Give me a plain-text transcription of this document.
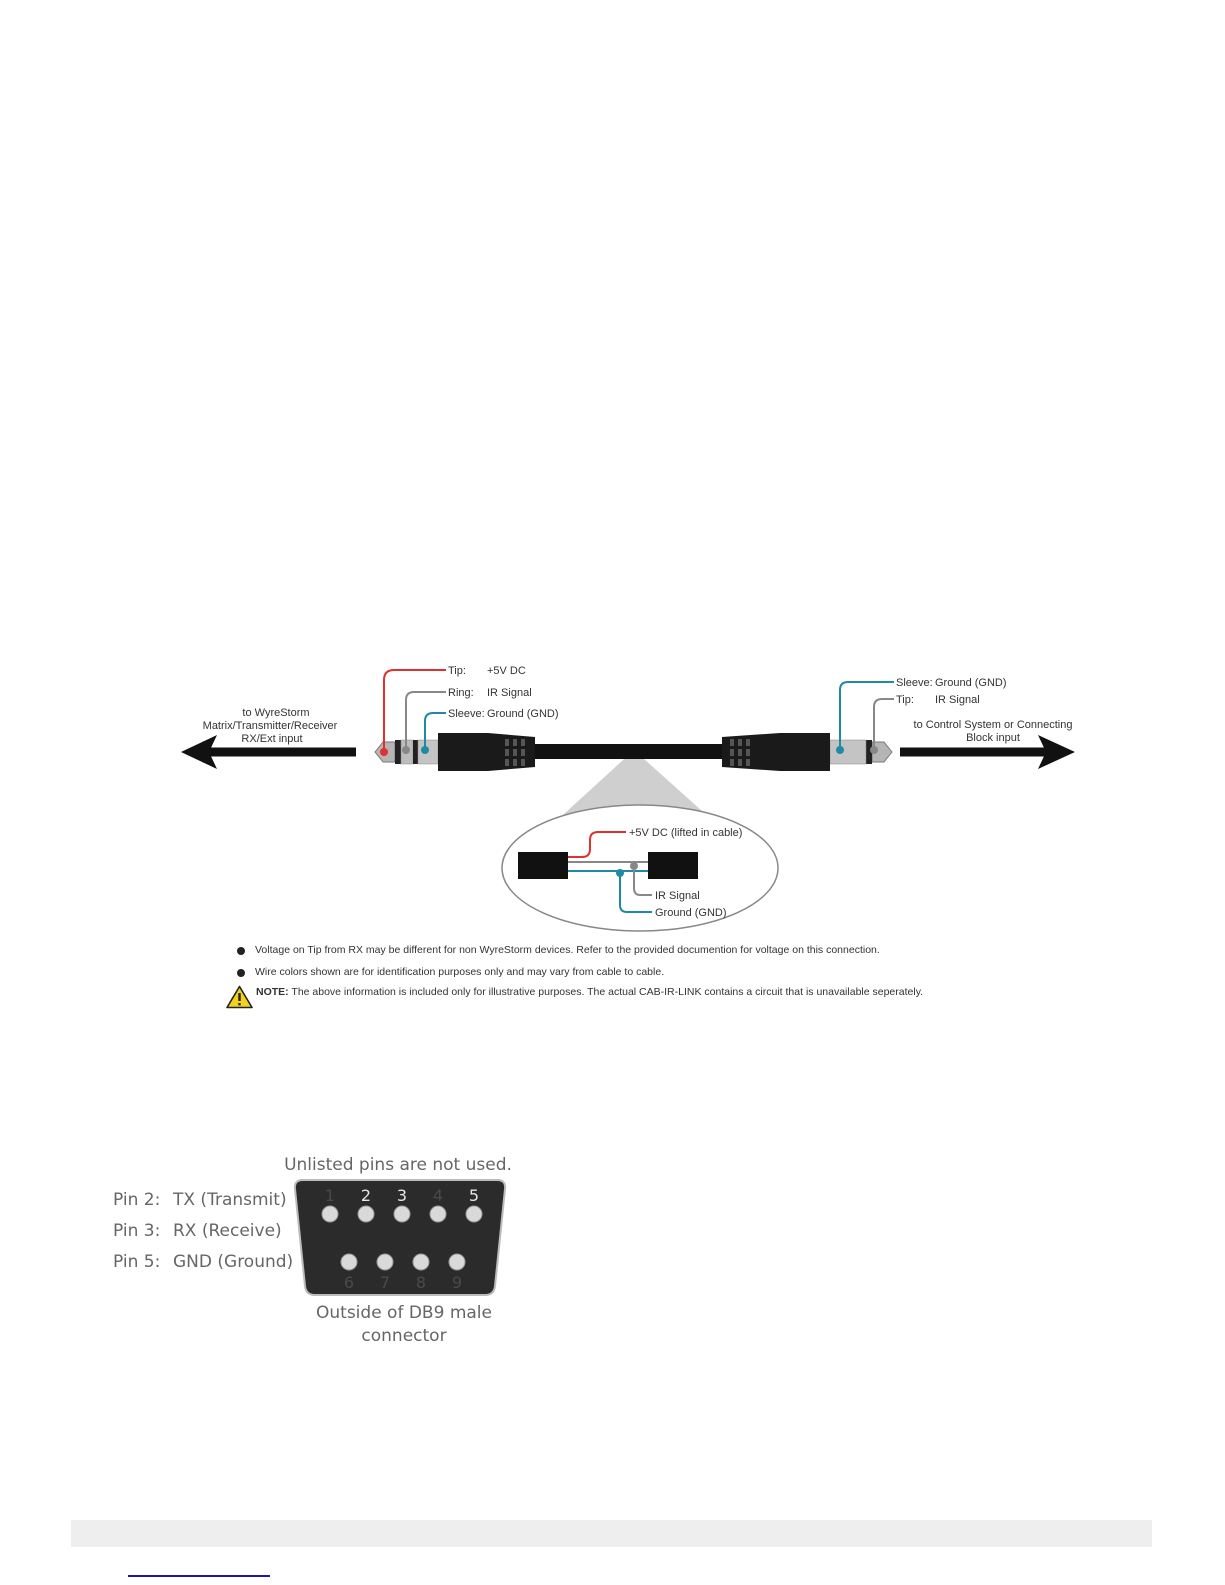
Tip: +5V DC
Ring: IR Signal
Sleeve: Ground (GND)
Sleeve: Ground (GND)
Tip: IR Signal
to WyreStorm
Matrix/Transmitter/Receiver
RX/Ext input
to Control System or Connecting
Block input
+5V DC (lifted in cable)
IR Signal
Ground (GND)
Voltage on Tip from RX may be different for non WyreStorm devices. Refer to the provided documention for voltage on this connection.
Wire colors shown are for identification purposes only and may vary from cable to cable.
NOTE: The above information is included only for illustrative purposes. The actual CAB-IR-LINK contains a circuit that is unavailable seperately.
Unlisted pins are not used.
Pin 2: TX (Transmit)
Pin 3: RX (Receive)
Pin 5: GND (Ground)
1 2 3 4 5
6 7 8 9
Outside of DB9 male
connector
